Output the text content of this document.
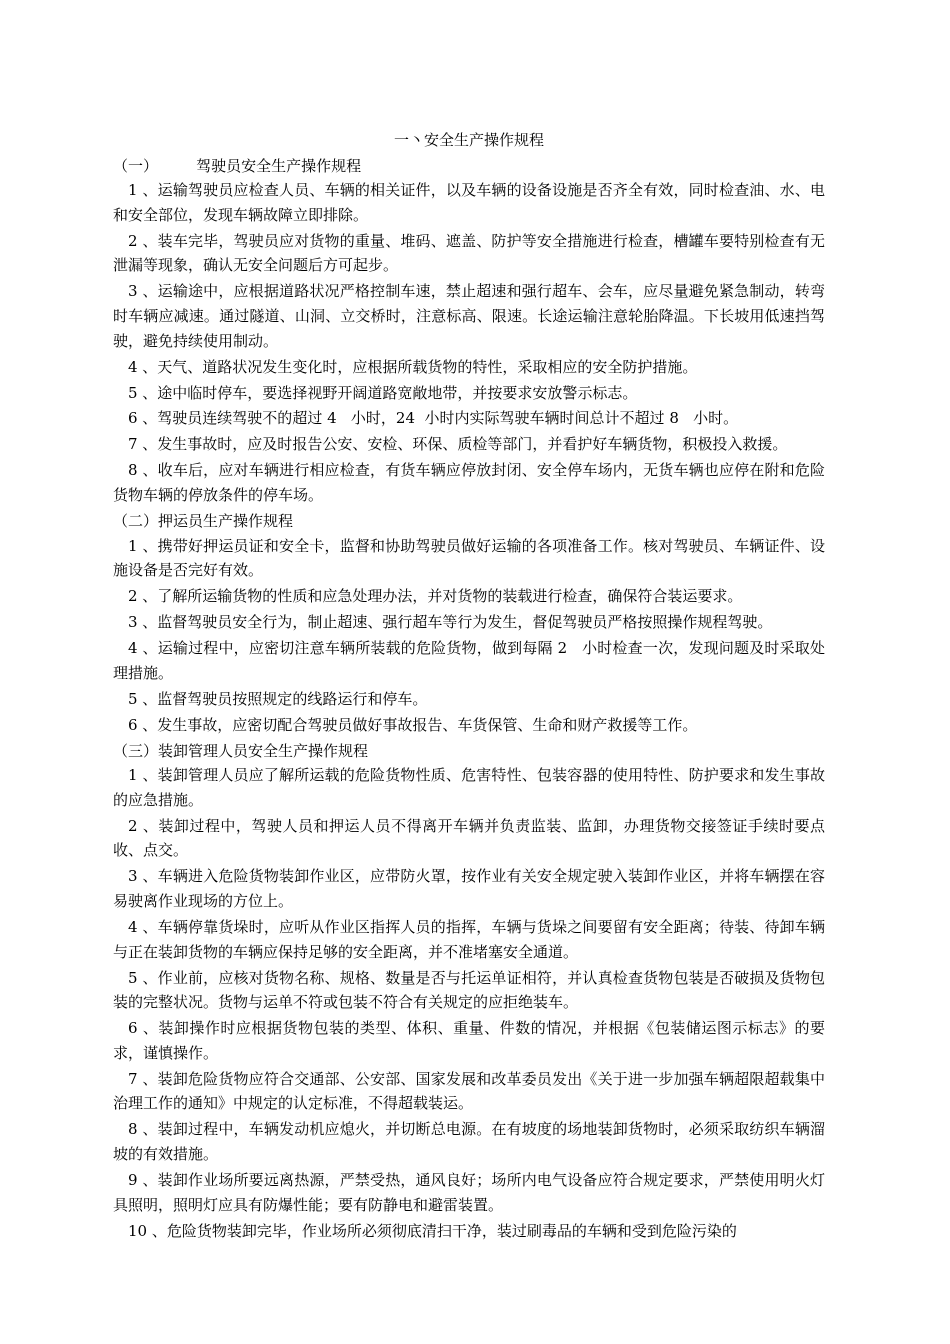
一丶安全生产操作规程
（一）        驾驶员安全生产操作规程
1 、运输驾驶员应检查人员、车辆的相关证件，以及车辆的设备设施是否齐全有效，同时检查油、水、电和安全部位，发现车辆故障立即排除。
2 、装车完毕，驾驶员应对货物的重量、堆码、遮盖、防护等安全措施进行检查，槽罐车要特别检查有无泄漏等现象，确认无安全问题后方可起步。
3 、运输途中，应根据道路状况严格控制车速，禁止超速和强行超车、会车，应尽量避免紧急制动，转弯时车辆应减速。通过隧道、山洞、立交桥时，注意标高、限速。长途运输注意轮胎降温。下长坡用低速挡驾驶，避免持续使用制动。
4 、天气、道路状况发生变化时，应根据所载货物的特性，采取相应的安全防护措施。
5 、途中临时停车，要选择视野开阔道路宽敞地带，并按要求安放警示标志。
6 、驾驶员连续驾驶不的超过 4   小时，24  小时内实际驾驶车辆时间总计不超过 8   小时。
7 、发生事故时，应及时报告公安、安检、环保、质检等部门，并看护好车辆货物，积极投入救援。
8 、收车后，应对车辆进行相应检查，有货车辆应停放封闭、安全停车场内，无货车辆也应停在附和危险货物车辆的停放条件的停车场。
（二）押运员生产操作规程
1 、携带好押运员证和安全卡，监督和协助驾驶员做好运输的各项准备工作。核对驾驶员、车辆证件、设施设备是否完好有效。
2 、了解所运输货物的性质和应急处理办法，并对货物的装载进行检查，确保符合装运要求。
3 、监督驾驶员安全行为，制止超速、强行超车等行为发生，督促驾驶员严格按照操作规程驾驶。
4 、运输过程中，应密切注意车辆所装载的危险货物，做到每隔 2   小时检查一次，发现问题及时采取处理措施。
5 、监督驾驶员按照规定的线路运行和停车。
6 、发生事故，应密切配合驾驶员做好事故报告、车货保管、生命和财产救援等工作。
（三）装卸管理人员安全生产操作规程
1 、装卸管理人员应了解所运载的危险货物性质、危害特性、包装容器的使用特性、防护要求和发生事故的应急措施。
2 、装卸过程中，驾驶人员和押运人员不得离开车辆并负责监装、监卸，办理货物交接签证手续时要点收、点交。
3 、车辆进入危险货物装卸作业区，应带防火罩，按作业有关安全规定驶入装卸作业区，并将车辆摆在容易驶离作业现场的方位上。
4 、车辆停靠货垛时，应听从作业区指挥人员的指挥，车辆与货垛之间要留有安全距离；待装、待卸车辆与正在装卸货物的车辆应保持足够的安全距离，并不准堵塞安全通道。
5 、作业前，应核对货物名称、规格、数量是否与托运单证相符，并认真检查货物包装是否破损及货物包装的完整状况。货物与运单不符或包装不符合有关规定的应拒绝装车。
6 、装卸操作时应根据货物包装的类型、体积、重量、件数的情况，并根据《包装储运图示标志》的要求，谨慎操作。
7 、装卸危险货物应符合交通部、公安部、国家发展和改革委员发出《关于进一步加强车辆超限超载集中治理工作的通知》中规定的认定标准，不得超载装运。
8 、装卸过程中，车辆发动机应熄火，并切断总电源。在有坡度的场地装卸货物时，必须采取纺织车辆溜坡的有效措施。
9 、装卸作业场所要远离热源，严禁受热，通风良好；场所内电气设备应符合规定要求，严禁使用明火灯具照明，照明灯应具有防爆性能；要有防静电和避雷装置。
10 、危险货物装卸完毕，作业场所必须彻底清扫干净，装过刷毒品的车辆和受到危险污染的
